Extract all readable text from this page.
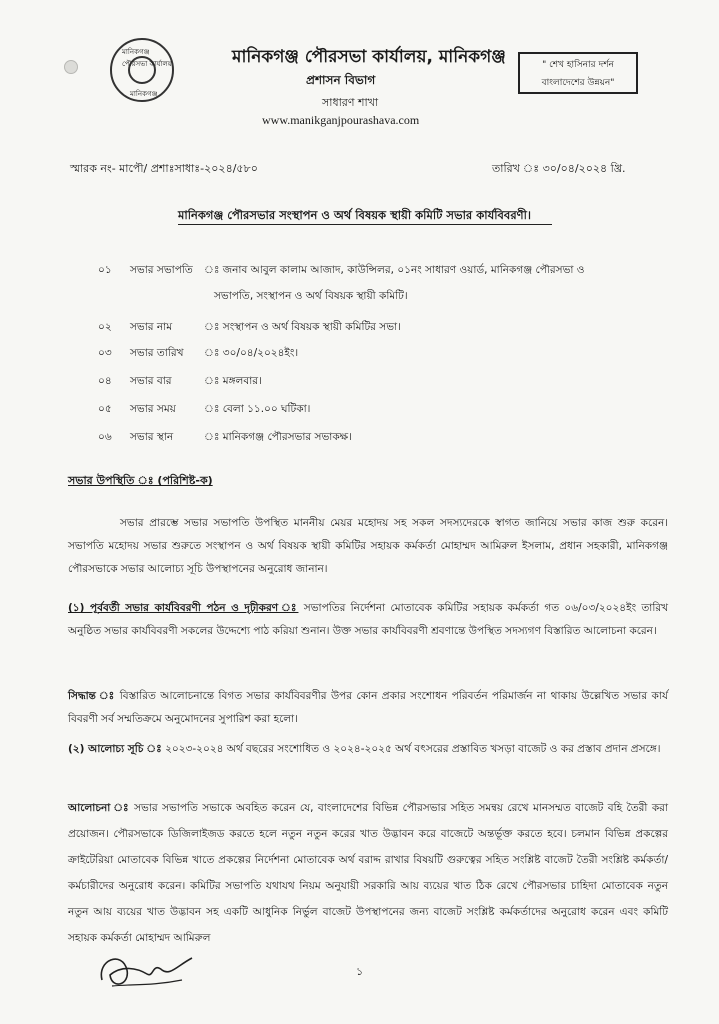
মানিকগঞ্জ পৌরসভা কার্যালয়
মানিকগঞ্জ
মানিকগঞ্জ পৌরসভা কার্যালয়, মানিকগঞ্জ
প্রশাসন বিভাগ
সাধারণ শাখা
www.manikganjpourashava.com
" শেখ হাসিনার দর্শন
বাংলাদেশের উন্নয়ন"
স্মারক নং- মাপৌ/ প্রশাঃসাধাঃ-২০২৪/৫৮০	তারিখ ঃ ৩০/০৪/২০২৪ খ্রি.
মানিকগঞ্জ পৌরসভার সংস্থাপন ও অর্থ বিষয়ক স্থায়ী কমিটি সভার কার্যবিবরণী।
০১ সভার সভাপতি ঃ জনাব আবুল কালাম আজাদ, কাউন্সিলর, ০১নং সাধারণ ওয়ার্ড, মানিকগঞ্জ পৌরসভা ও
সভাপতি, সংস্থাপন ও অর্থ বিষয়ক স্থায়ী কমিটি।
০২ সভার নাম	ঃ সংস্থাপন ও অর্থ বিষয়ক স্থায়ী কমিটির সভা।
০৩ সভার তারিখ ঃ ৩০/০৪/২০২৪ইং।
০৪ সভার বার	ঃ মঙ্গলবার।
০৫ সভার সময়	ঃ বেলা ১১.০০ ঘটিকা।
০৬ সভার স্থান	ঃ মানিকগঞ্জ পৌরসভার সভাকক্ষ।
সভার উপস্থিতি ঃ (পরিশিষ্ট-ক)
সভার প্রারম্ভে সভার সভাপতি উপস্থিত মাননীয় মেয়র মহোদয় সহ সকল সদস্যদেরকে স্বাগত জানিয়ে সভার কাজ শুরু করেন। সভাপতি মহোদয় সভার শুরুতে সংস্থাপন ও অর্থ বিষয়ক স্থায়ী কমিটির সহায়ক কর্মকর্তা মোহাম্মদ আমিরুল ইসলাম, প্রধান সহকারী, মানিকগঞ্জ পৌরসভাকে সভার আলোচ্য সূচি উপস্থাপনের অনুরোধ জানান।
(১) পূর্ববর্তী সভার কার্যবিবরণী পঠন ও দৃঢ়ীকরণ ঃ সভাপতির নির্দেশনা মোতাবেক কমিটির সহায়ক কর্মকর্তা গত ০৬/০৩/২০২৪ইং তারিখ অনুষ্ঠিত সভার কার্যবিবরণী সকলের উদ্দেশ্যে পাঠ করিয়া শুনান। উক্ত সভার কার্যবিবরণী শ্রবণান্তে উপস্থিত সদস্যগণ বিস্তারিত আলোচনা করেন।
সিদ্ধান্ত ঃ বিস্তারিত আলোচনান্তে বিগত সভার কার্যবিবরণীর উপর কোন প্রকার সংশোধন পরিবর্তন পরিমার্জন না থাকায় উল্লেখিত সভার কার্য বিবরণী সর্ব সম্মতিক্রমে অনুমোদনের সুপারিশ করা হলো।
(২) আলোচ্য সূচি ঃ ২০২৩-২০২৪ অর্থ বছরের সংশোধিত ও ২০২৪-২০২৫ অর্থ বৎসরের প্রস্তাবিত খসড়া বাজেট ও কর প্রস্তাব প্রদান প্রসঙ্গে।
আলোচনা ঃ সভার সভাপতি সভাকে অবহিত করেন যে, বাংলাদেশের বিভিন্ন পৌরসভার সহিত সমন্বয় রেখে মানসম্মত বাজেট বহি তৈরী করা প্রয়োজন। পৌরসভাকে ডিজিলাইজড করতে হলে নতুন নতুন করের খাত উদ্ভাবন করে বাজেটে অন্তর্ভূক্ত করতে হবে। চলমান বিভিন্ন প্রকল্পের ক্রাইটেরিয়া মোতাবেক বিভিন্ন খাতে প্রকল্পের নির্দেশনা মোতাবেক অর্থ বরাদ্দ রাখার বিষয়টি গুরুত্বের সহিত সংশ্লিষ্ট বাজেট তৈরী সংশ্লিষ্ট কর্মকর্তা/কর্মচারীদের অনুরোধ করেন। কমিটির সভাপতি যথাযথ নিয়ম অনুযায়ী সরকারি আয় ব্যয়ের খাত ঠিক রেখে পৌরসভার চাহিদা মোতাবেক নতুন নতুন আয় ব্যয়ের খাত উদ্ভাবন সহ একটি আধুনিক নির্ভুল বাজেট উপস্থাপনের জন্য বাজেট সংশ্লিষ্ট কর্মকর্তাদের অনুরোধ করেন এবং কমিটি সহায়ক কর্মকর্তা মোহাম্মদ আমিরুল
১
